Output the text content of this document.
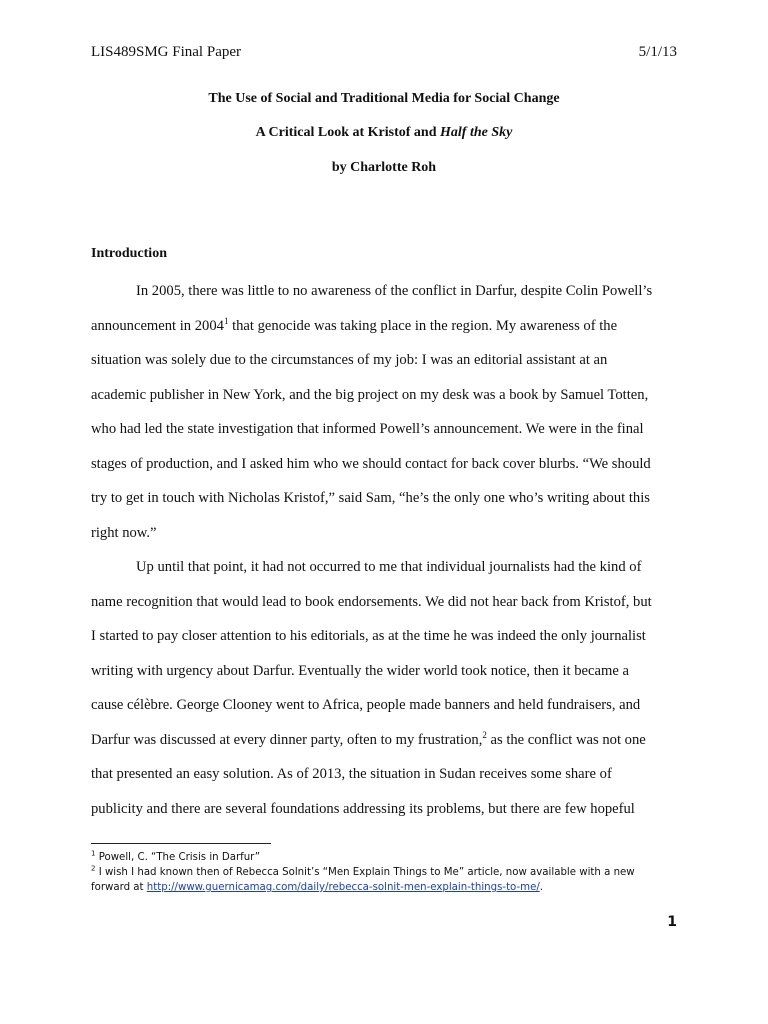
LIS489SMG Final Paper	5/1/13
The Use of Social and Traditional Media for Social Change
A Critical Look at Kristof and Half the Sky
by Charlotte Roh
Introduction
In 2005, there was little to no awareness of the conflict in Darfur, despite Colin Powell’s
announcement in 2004$^1$ that genocide was taking place in the region. My awareness of the
situation was solely due to the circumstances of my job: I was an editorial assistant at an
academic publisher in New York, and the big project on my desk was a book by Samuel Totten,
who had led the state investigation that informed Powell’s announcement. We were in the final
stages of production, and I asked him who we should contact for back cover blurbs. “We should
try to get in touch with Nicholas Kristof,” said Sam, “he’s the only one who’s writing about this
right now.”
Up until that point, it had not occurred to me that individual journalists had the kind of
name recognition that would lead to book endorsements. We did not hear back from Kristof, but
I started to pay closer attention to his editorials, as at the time he was indeed the only journalist
writing with urgency about Darfur. Eventually the wider world took notice, then it became a
cause célèbre. George Clooney went to Africa, people made banners and held fundraisers, and
Darfur was discussed at every dinner party, often to my frustration,$^2$ as the conflict was not one
that presented an easy solution. As of 2013, the situation in Sudan receives some share of
publicity and there are several foundations addressing its problems, but there are few hopeful
$^1$ Powell, C. “The Crisis in Darfur”
$^2$ I wish I had known then of Rebecca Solnit’s “Men Explain Things to Me” article, now available with a new
forward at http://www.guernicamag.com/daily/rebecca-solnit-men-explain-things-to-me/.
1
